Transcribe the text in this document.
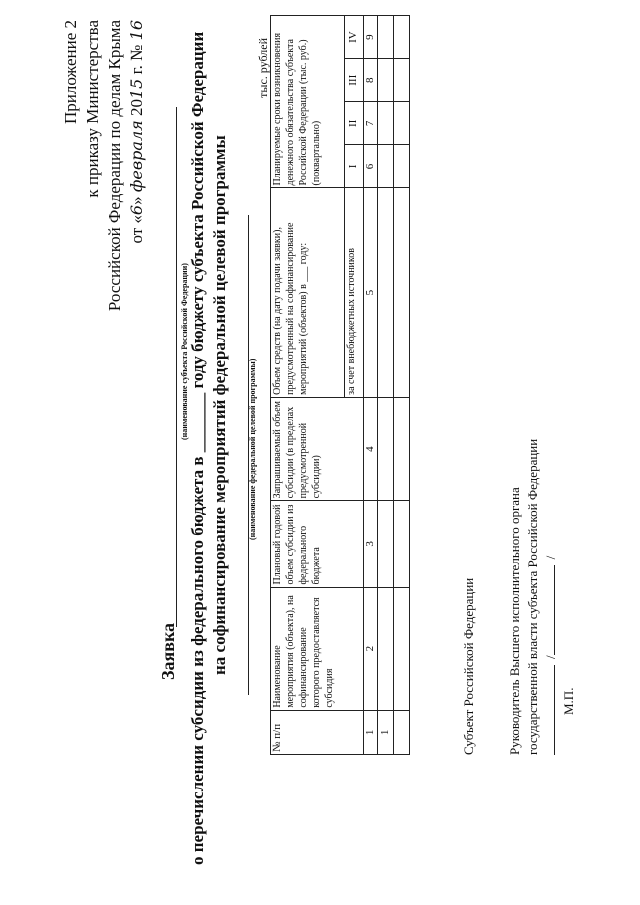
Приложение 2 к приказу Министерства Российской Федерации по делам Крыма от «6» февраля 2015 г. № 16
Заявка
(наименование субъекта Российской Федерации) о перечислении субсидии из федерального бюджета в _______ году бюджету субъекта Российской Федерации на софинансирование мероприятий федеральной целевой программы (наименование федеральной целевой программы)
тыс. рублей
№ п/п	Наименование мероприятия (объекта), на софинансирование которого предоставляется субсидия	Плановый годовой объем субсидии из федерального бюджета	Запрашиваемый объем субсидии (в пределах предусмотренной субсидии)	Объем средств (на дату подачи заявки), предусмотренный на софинансирование мероприятий (объектов) в ___ году:	Планируемые сроки возникновения денежного обязательства субъекта Российской Федерации (тыс. руб.) (поквартально)			
				за счет внебюджетных источников	I	II	III	IV
1	2	3	4	5	6	7	8	9
1								
									Субъект Российской Федерации Руководитель Высшего исполнительного органа государственной власти субъекта Российской Федерации //
М.П.
